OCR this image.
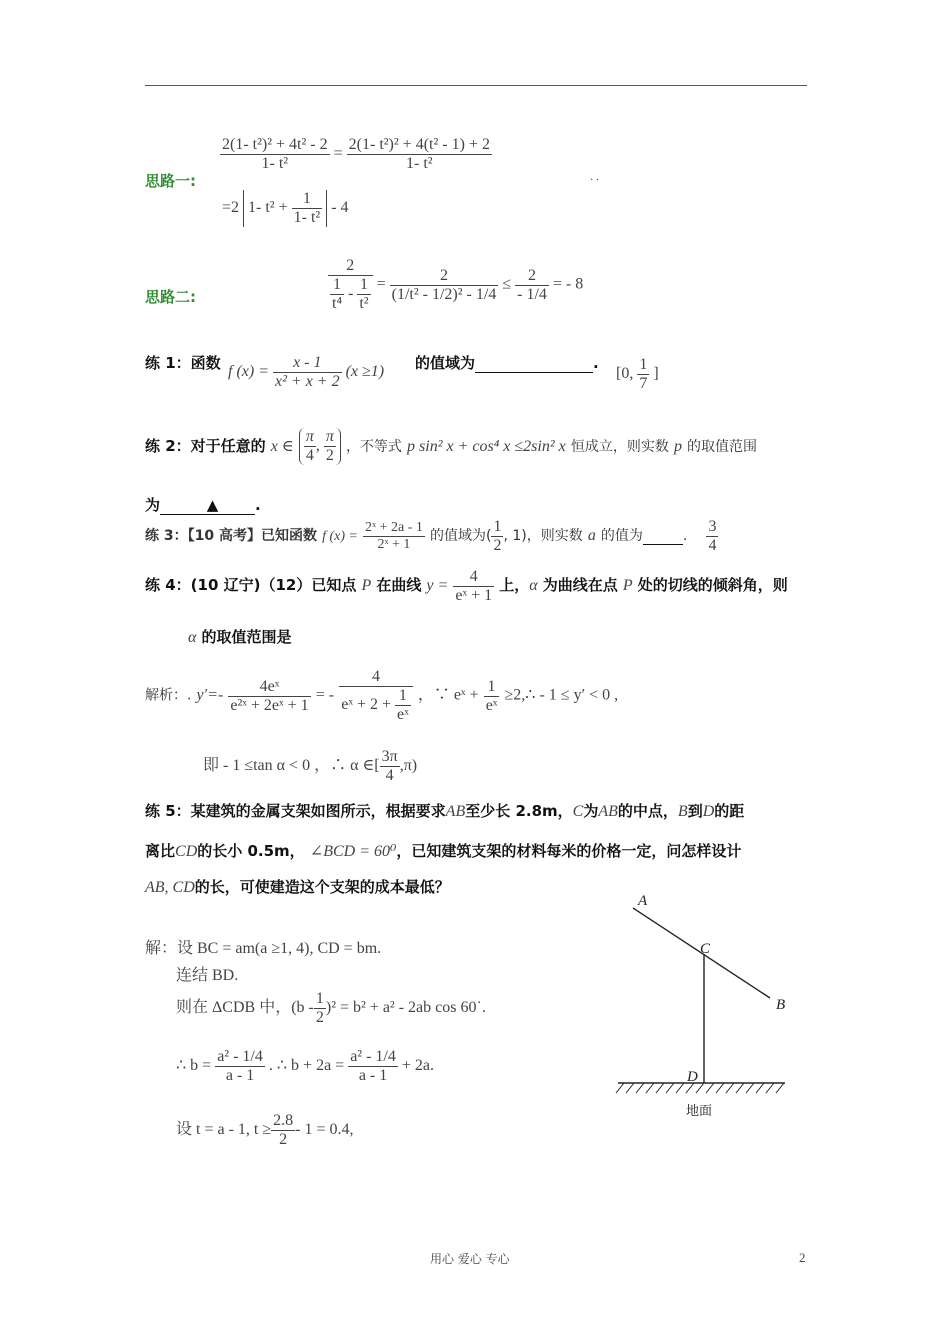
思路一:
$\frac{\text{2(1- t²)² + 4t² - 2}}{\text{1- t²}} = \frac{\text{2(1- t²)² + 4(t² - 1) + 2}}{\text{1- t²}}$
· ·
=2 1- $t^2 + \frac{1}{\text{1- t²}} - 4$
思路二:	$\frac{2}{\frac{1}{\text{t⁴}} - \frac{1}{\text{t²}}} = \frac{2}{\text{(1/t² - 1/2)² - 1/4}} \le \frac{2}{- 1/4}$ = - 8
练 1：函数 f $(x) = \frac{x - 1}{\text{x² + x + 2}} (x \ge 1)$ 的值域为	.
[0, $\frac{1}{7}$ ]
练 2：对于任意的 x ∈ $\frac{\pi}{4}$ , $\frac{\pi}{2}$ ，不等式 p sin² x + cos⁴ x ≤2sin² x 恒成立，则实数 p 的取值范围
为	▲ .
练 3：【10 高考】已知函数 f $(x) = \frac{\text{2ˣ + 2a - 1}}{\text{2ˣ + 1}}$ 的值域为( $\frac{1}{2}$ , 1)，则实数 a 的值为	. $\frac{3}{4}$
练 4：(10 辽宁)（12）已知点 P 在曲线 $y = \frac{4}{\text{eˣ + 1}}$ 上，α 为曲线在点 P 处的切线的倾斜角，则
α 的取值范围是
解析：. $y'=- \frac{\text{4eˣ}}{\text{e²ˣ + 2eˣ + 1}}$ = - $\frac{4}{eˣ + 2 + \frac{1}{\text{eˣ}}}$ ，∵ eˣ + $\frac{1}{\text{eˣ}}$ ≥2,∴ - 1 ≤ y′ < 0 ,
即 - 1 ≤tan α < 0 ，∴ α ∈[ $\frac{3\pi}{4} ,\pi$)
练 5：某建筑的金属支架如图所示，根据要求AB至少长 2.8m，C为AB的中点，B到D的距
离比CD的长小 0.5m， ∠BCD = 60⁰，已知建筑支架的材料每米的价格一定，问怎样设计
AB, CD的长，可使建造这个支架的成本最低？
解：设 BC = am(a ≥1, 4), CD = bm.
连结 BD.
则在 ΔCDB 中，$(b - \frac{1}{2} )^2 = b^2 + a^2 - 2ab$ cos 60˙.
∴ $b = \frac{\text{a² - 1/4}}{a - 1}$ . ∴ $b + 2a = \frac{\text{a² - 1/4}}{a - 1} + 2a$.
设 t = a - 1, $t \ge \frac{2.8}{2} - 1 = 0.4$,
A
C
B
D
地面
用心 爱心 专心	2
